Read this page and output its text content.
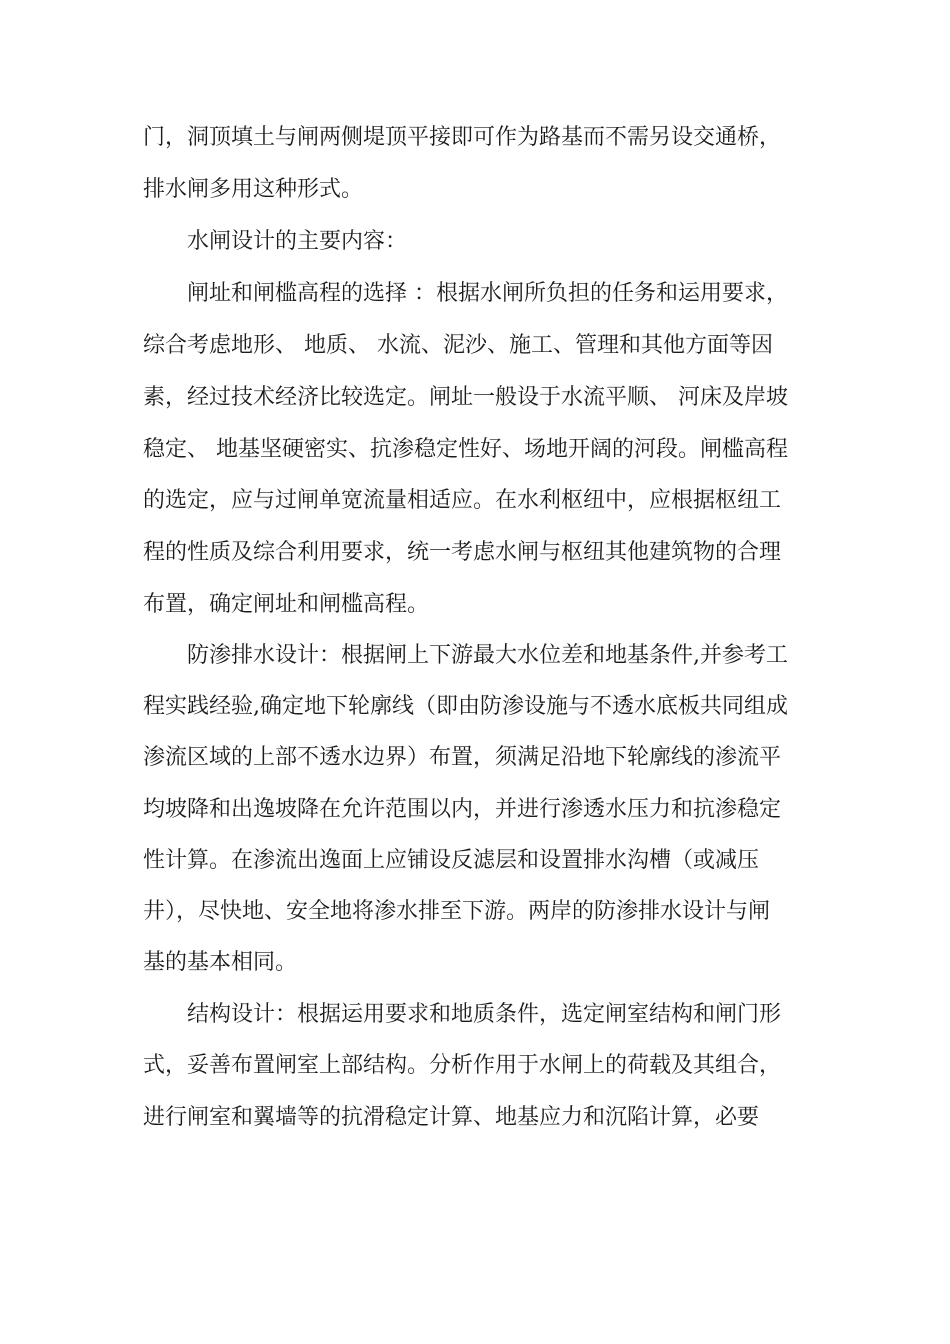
门，洞顶填土与闸两侧堤顶平接即可作为路基而不需另设交通桥，
排水闸多用这种形式。
水闸设计的主要内容：
闸址和闸槛高程的选择 ：根据水闸所负担的任务和运用要求，
综合考虑地形、 地质、 水流、泥沙、施工、管理和其他方面等因
素，经过技术经济比较选定。闸址一般设于水流平顺、 河床及岸坡
稳定、 地基坚硬密实、抗渗稳定性好、场地开阔的河段。闸槛高程
的选定，应与过闸单宽流量相适应。在水利枢纽中，应根据枢纽工
程的性质及综合利用要求，统一考虑水闸与枢纽其他建筑物的合理
布置，确定闸址和闸槛高程。
防渗排水设计：根据闸上下游最大水位差和地基条件,并参考工
程实践经验,确定地下轮廓线（即由防渗设施与不透水底板共同组成
渗流区域的上部不透水边界）布置，须满足沿地下轮廓线的渗流平
均坡降和出逸坡降在允许范围以内，并进行渗透水压力和抗渗稳定
性计算。在渗流出逸面上应铺设反滤层和设置排水沟槽（或减压
井），尽快地、安全地将渗水排至下游。两岸的防渗排水设计与闸
基的基本相同。
结构设计：根据运用要求和地质条件，选定闸室结构和闸门形
式，妥善布置闸室上部结构。分析作用于水闸上的荷载及其组合，
进行闸室和翼墙等的抗滑稳定计算、地基应力和沉陷计算，必要
